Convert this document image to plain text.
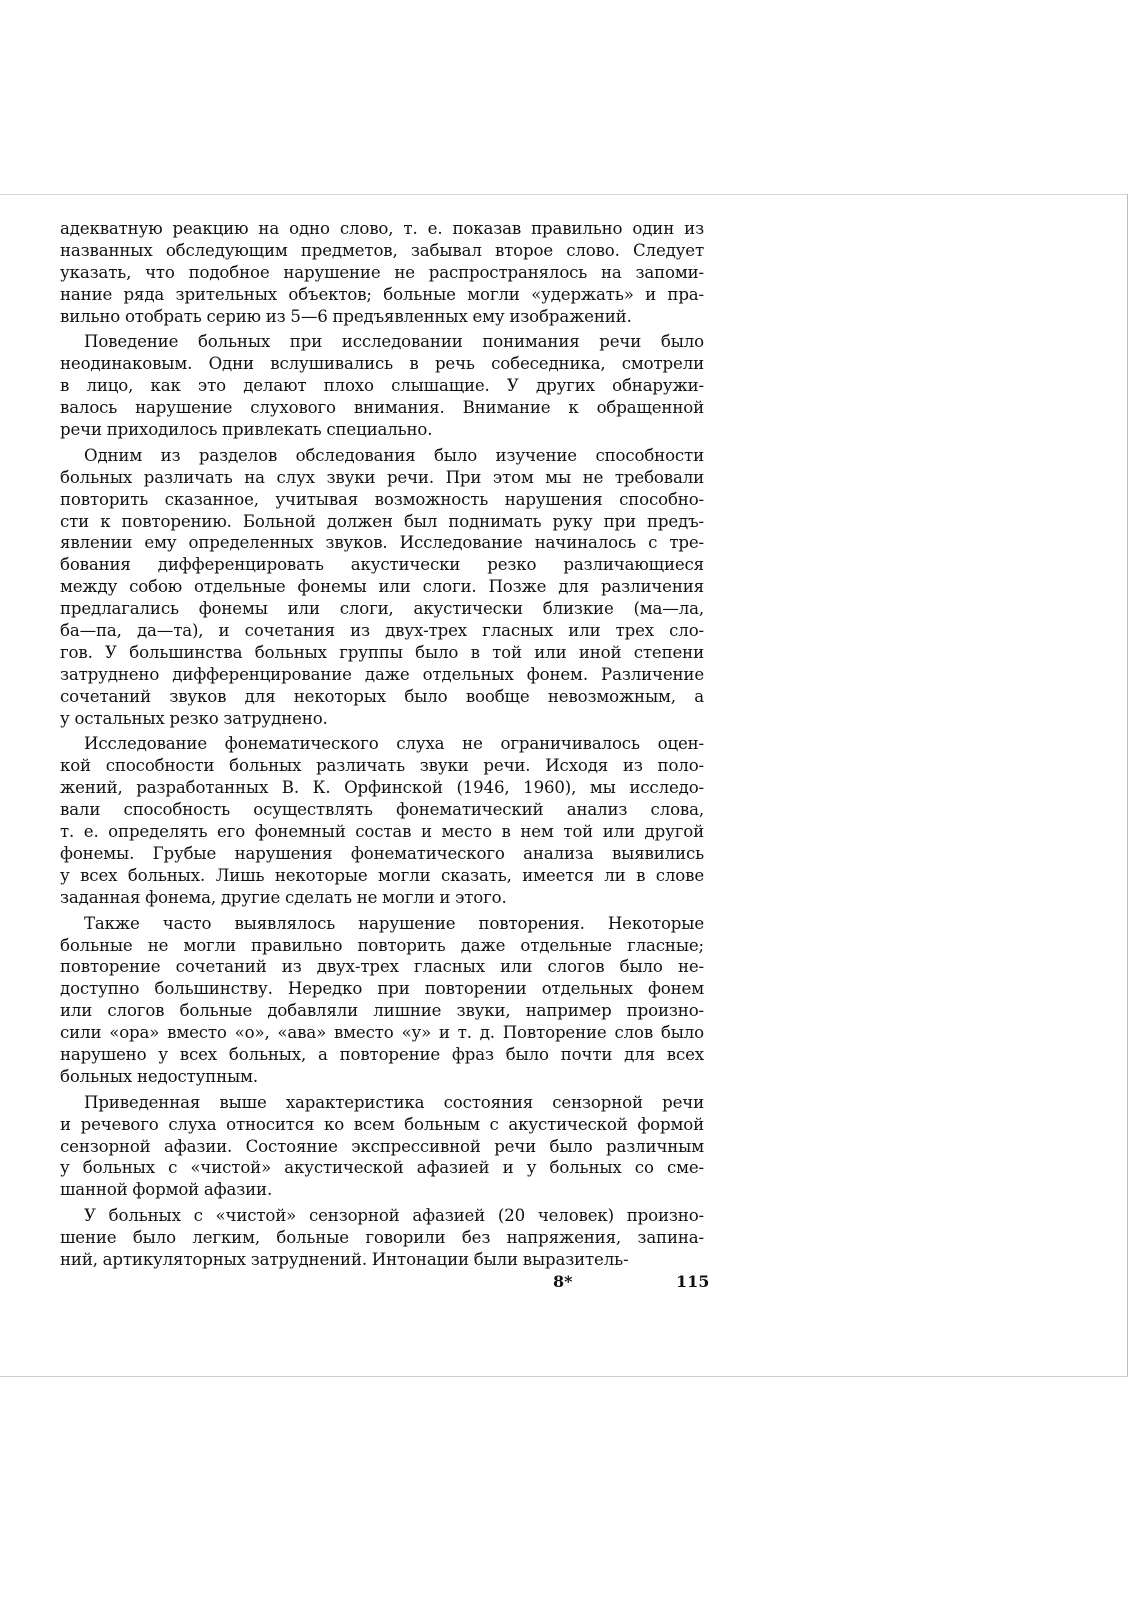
адекватную реакцию на одно слово, т. е. показав правильно один из
названных обследующим предметов, забывал второе слово. Следует
указать, что подобное нарушение не распространялось на запоми-
нание ряда зрительных объектов; больные могли «удержать» и пра-
вильно отобрать серию из 5—6 предъявленных ему изображений.
Поведение больных при исследовании понимания речи было
неодинаковым. Одни вслушивались в речь собеседника, смотрели
в лицо, как это делают плохо слышащие. У других обнаружи-
валось нарушение слухового внимания. Внимание к обращенной
речи приходилось привлекать специально.
Одним из разделов обследования было изучение способности
больных различать на слух звуки речи. При этом мы не требовали
повторить сказанное, учитывая возможность нарушения способно-
сти к повторению. Больной должен был поднимать руку при предъ-
явлении ему определенных звуков. Исследование начиналось с тре-
бования дифференцировать акустически резко различающиеся
между собою отдельные фонемы или слоги. Позже для различения
предлагались фонемы или слоги, акустически близкие (ма—ла,
ба—па, да—та), и сочетания из двух-трех гласных или трех сло-
гов. У большинства больных группы было в той или иной степени
затруднено дифференцирование даже отдельных фонем. Различение
сочетаний звуков для некоторых было вообще невозможным, а
у остальных резко затруднено.
Исследование фонематического слуха не ограничивалось оцен-
кой способности больных различать звуки речи. Исходя из поло-
жений, разработанных В. К. Орфинской (1946, 1960), мы исследо-
вали способность осуществлять фонематический анализ слова,
т. е. определять его фонемный состав и место в нем той или другой
фонемы. Грубые нарушения фонематического анализа выявились
у всех больных. Лишь некоторые могли сказать, имеется ли в слове
заданная фонема, другие сделать не могли и этого.
Также часто выявлялось нарушение повторения. Некоторые
больные не могли правильно повторить даже отдельные гласные;
повторение сочетаний из двух-трех гласных или слогов было не-
доступно большинству. Нередко при повторении отдельных фонем
или слогов больные добавляли лишние звуки, например произно-
сили «ора» вместо «о», «ава» вместо «у» и т. д. Повторение слов было
нарушено у всех больных, а повторение фраз было почти для всех
больных недоступным.
Приведенная выше характеристика состояния сензорной речи
и речевого слуха относится ко всем больным с акустической формой
сензорной афазии. Состояние экспрессивной речи было различным
у больных с «чистой» акустической афазией и у больных со сме-
шанной формой афазии.
У больных с «чистой» сензорной афазией (20 человек) произно-
шение было легким, больные говорили без напряжения, запина-
ний, артикуляторных затруднений. Интонации были выразитель-
8*	115
